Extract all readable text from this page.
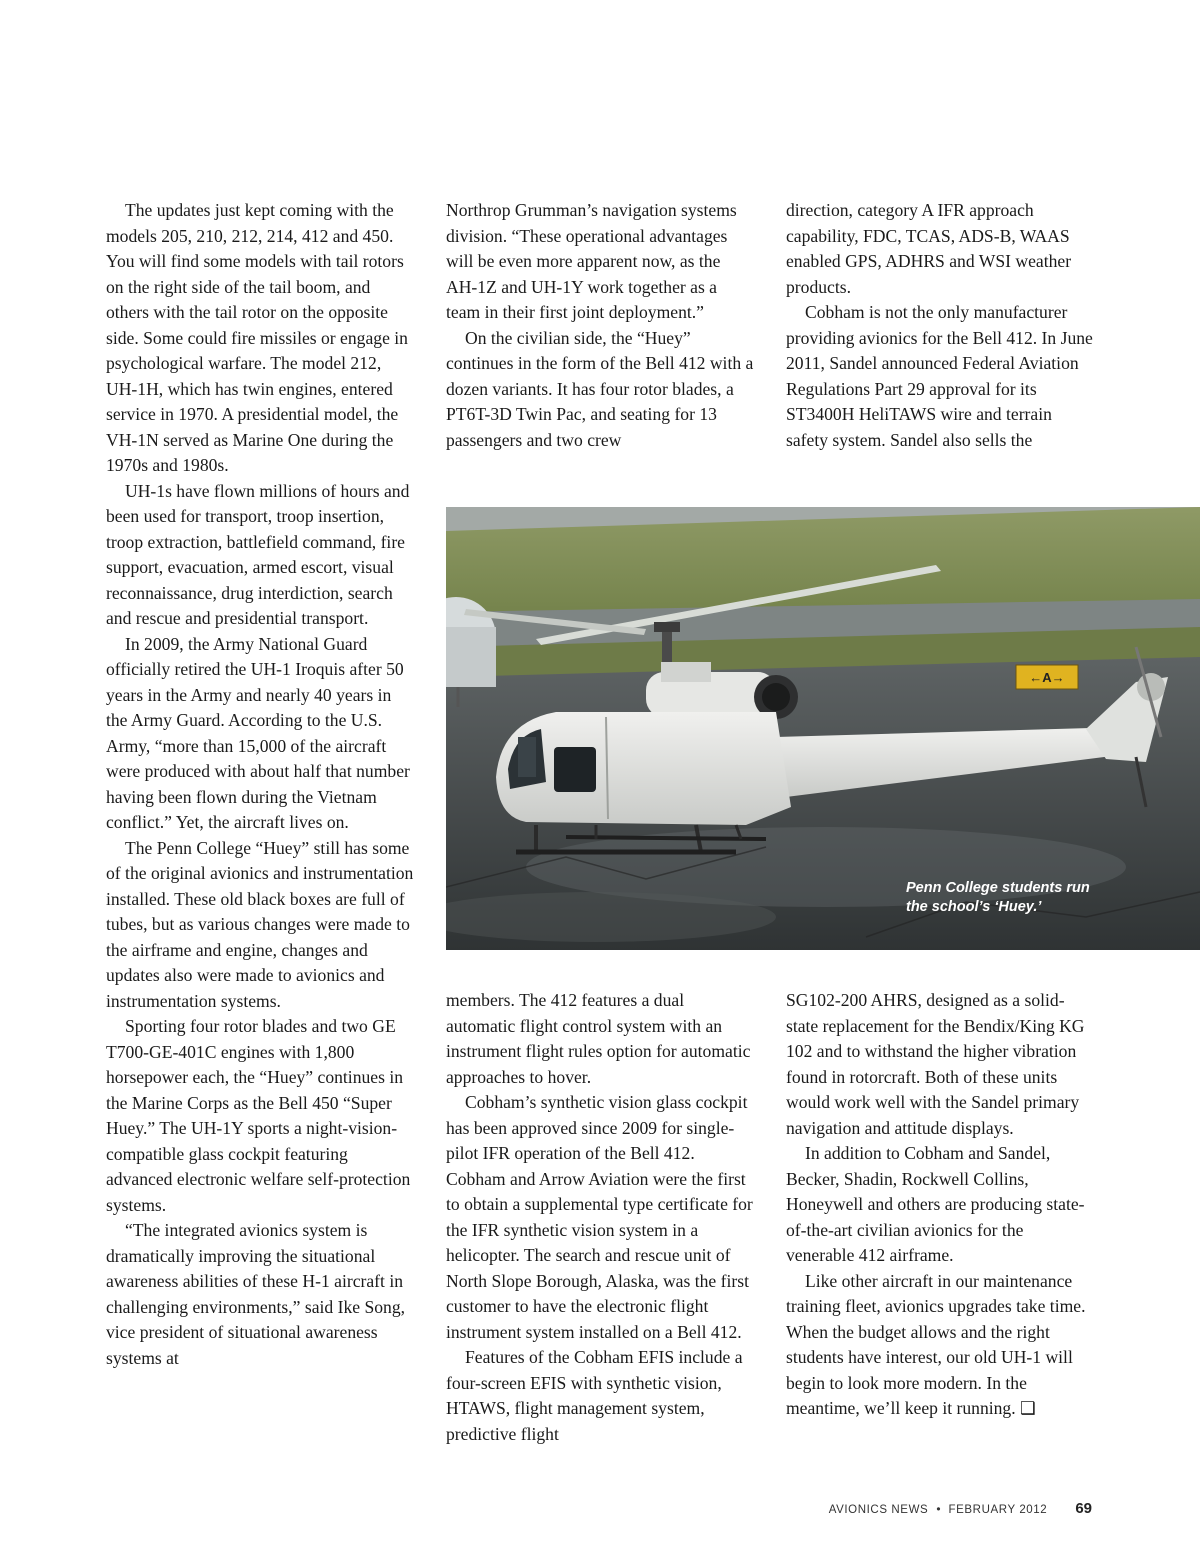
The updates just kept coming with the models 205, 210, 212, 214, 412 and 450. You will find some models with tail rotors on the right side of the tail boom, and others with the tail rotor on the opposite side. Some could fire missiles or engage in psychological warfare. The model 212, UH-1H, which has twin engines, entered service in 1970. A presidential model, the VH-1N served as Marine One during the 1970s and 1980s.

UH-1s have flown millions of hours and been used for transport, troop insertion, troop extraction, battlefield command, fire support, evacuation, armed escort, visual reconnaissance, drug interdiction, search and rescue and presidential transport.

In 2009, the Army National Guard officially retired the UH-1 Iroquis after 50 years in the Army and nearly 40 years in the Army Guard. According to the U.S. Army, “more than 15,000 of the aircraft were produced with about half that number having been flown during the Vietnam conflict.” Yet, the aircraft lives on.

The Penn College “Huey” still has some of the original avionics and instrumentation installed. These old black boxes are full of tubes, but as various changes were made to the airframe and engine, changes and updates also were made to avionics and instrumentation systems.

Sporting four rotor blades and two GE T700-GE-401C engines with 1,800 horsepower each, the “Huey” continues in the Marine Corps as the Bell 450 “Super Huey.” The UH-1Y sports a night-vision-compatible glass cockpit featuring advanced electronic welfare self-protection systems.

“The integrated avionics system is dramatically improving the situational awareness abilities of these H-1 aircraft in challenging environments,” said Ike Song, vice president of situational awareness systems at

Northrop Grumman’s navigation systems division. “These operational advantages will be even more apparent now, as the AH-1Z and UH-1Y work together as a team in their first joint deployment.”

On the civilian side, the “Huey” continues in the form of the Bell 412 with a dozen variants. It has four rotor blades, a PT6T-3D Twin Pac, and seating for 13 passengers and two crew

direction, category A IFR approach capability, FDC, TCAS, ADS-B, WAAS enabled GPS, ADHRS and WSI weather products.

Cobham is not the only manufacturer providing avionics for the Bell 412. In June 2011, Sandel announced Federal Aviation Regulations Part 29 approval for its ST3400H HeliTAWS wire and terrain safety system. Sandel also sells the

←A→
Penn College students run
the school’s ‘Huey.’

members. The 412 features a dual automatic flight control system with an instrument flight rules option for automatic approaches to hover.

Cobham’s synthetic vision glass cockpit has been approved since 2009 for single-pilot IFR operation of the Bell 412. Cobham and Arrow Aviation were the first to obtain a supplemental type certificate for the IFR synthetic vision system in a helicopter. The search and rescue unit of North Slope Borough, Alaska, was the first customer to have the electronic flight instrument system installed on a Bell 412.

Features of the Cobham EFIS include a four-screen EFIS with synthetic vision, HTAWS, flight management system, predictive flight

SG102-200 AHRS, designed as a solid-state replacement for the Bendix/King KG 102 and to withstand the higher vibration found in rotorcraft. Both of these units would work well with the Sandel primary navigation and attitude displays.

In addition to Cobham and Sandel, Becker, Shadin, Rockwell Collins, Honeywell and others are producing state-of-the-art civilian avionics for the venerable 412 airframe.

Like other aircraft in our maintenance training fleet, avionics upgrades take time. When the budget allows and the right students have interest, our old UH-1 will begin to look more modern. In the meantime, we’ll keep it running. ❑

AVIONICS NEWS • FEBRUARY 2012 69
